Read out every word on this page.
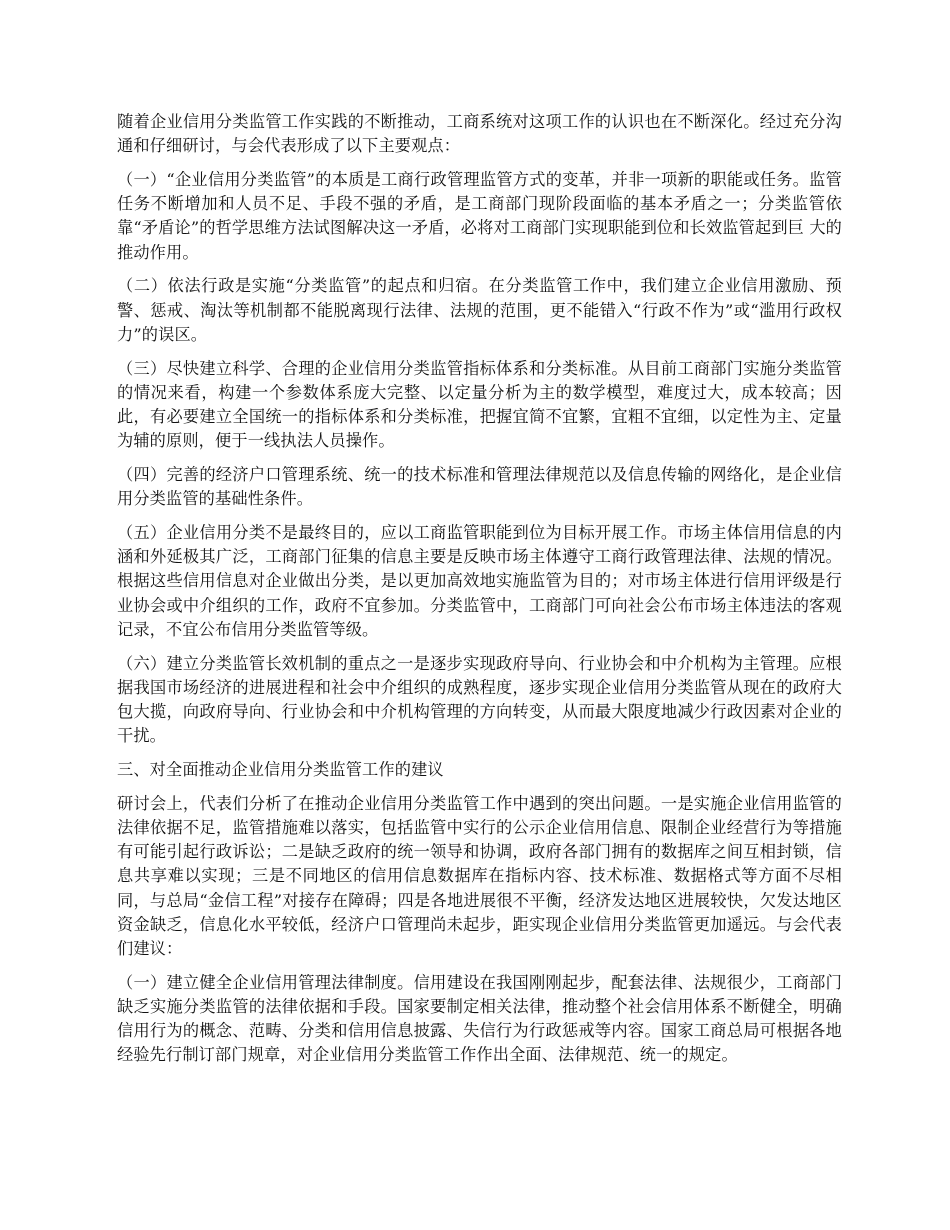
随着企业信用分类监管工作实践的不断推动，工商系统对这项工作的认识也在不断深化。经过充分沟通和仔细研讨，与会代表形成了以下主要观点：

（一）“企业信用分类监管”的本质是工商行政管理监管方式的变革，并非一项新的职能或任务。监管任务不断增加和人员不足、手段不强的矛盾，是工商部门现阶段面临的基本矛盾之一；分类监管依靠“矛盾论”的哲学思维方法试图解决这一矛盾，必将对工商部门实现职能到位和长效监管起到巨 大的推动作用。

（二）依法行政是实施“分类监管”的起点和归宿。在分类监管工作中，我们建立企业信用激励、预警、惩戒、淘汰等机制都不能脱离现行法律、法规的范围，更不能错入“行政不作为”或“滥用行政权力”的误区。

（三）尽快建立科学、合理的企业信用分类监管指标体系和分类标准。从目前工商部门实施分类监管的情况来看，构建一个参数体系庞大完整、以定量分析为主的数学模型，难度过大，成本较高；因此，有必要建立全国统一的指标体系和分类标准，把握宜简不宜繁，宜粗不宜细，以定性为主、定量为辅的原则，便于一线执法人员操作。

（四）完善的经济户口管理系统、统一的技术标准和管理法律规范以及信息传输的网络化，是企业信用分类监管的基础性条件。

（五）企业信用分类不是最终目的，应以工商监管职能到位为目标开展工作。市场主体信用信息的内涵和外延极其广泛，工商部门征集的信息主要是反映市场主体遵守工商行政管理法律、法规的情况。根据这些信用信息对企业做出分类，是以更加高效地实施监管为目的；对市场主体进行信用评级是行业协会或中介组织的工作，政府不宜参加。分类监管中，工商部门可向社会公布市场主体违法的客观记录，不宜公布信用分类监管等级。

（六）建立分类监管长效机制的重点之一是逐步实现政府导向、行业协会和中介机构为主管理。应根据我国市场经济的进展进程和社会中介组织的成熟程度，逐步实现企业信用分类监管从现在的政府大包大揽，向政府导向、行业协会和中介机构管理的方向转变，从而最大限度地减少行政因素对企业的干扰。

三、对全面推动企业信用分类监管工作的建议

研讨会上，代表们分析了在推动企业信用分类监管工作中遇到的突出问题。一是实施企业信用监管的法律依据不足，监管措施难以落实，包括监管中实行的公示企业信用信息、限制企业经营行为等措施有可能引起行政诉讼；二是缺乏政府的统一领导和协调，政府各部门拥有的数据库之间互相封锁，信息共享难以实现；三是不同地区的信用信息数据库在指标内容、技术标准、数据格式等方面不尽相同，与总局“金信工程”对接存在障碍；四是各地进展很不平衡，经济发达地区进展较快，欠发达地区资金缺乏，信息化水平较低，经济户口管理尚未起步，距实现企业信用分类监管更加遥远。与会代表们建议：

（一）建立健全企业信用管理法律制度。信用建设在我国刚刚起步，配套法律、法规很少，工商部门缺乏实施分类监管的法律依据和手段。国家要制定相关法律，推动整个社会信用体系不断健全，明确信用行为的概念、范畴、分类和信用信息披露、失信行为行政惩戒等内容。国家工商总局可根据各地经验先行制订部门规章，对企业信用分类监管工作作出全面、法律规范、统一的规定。
